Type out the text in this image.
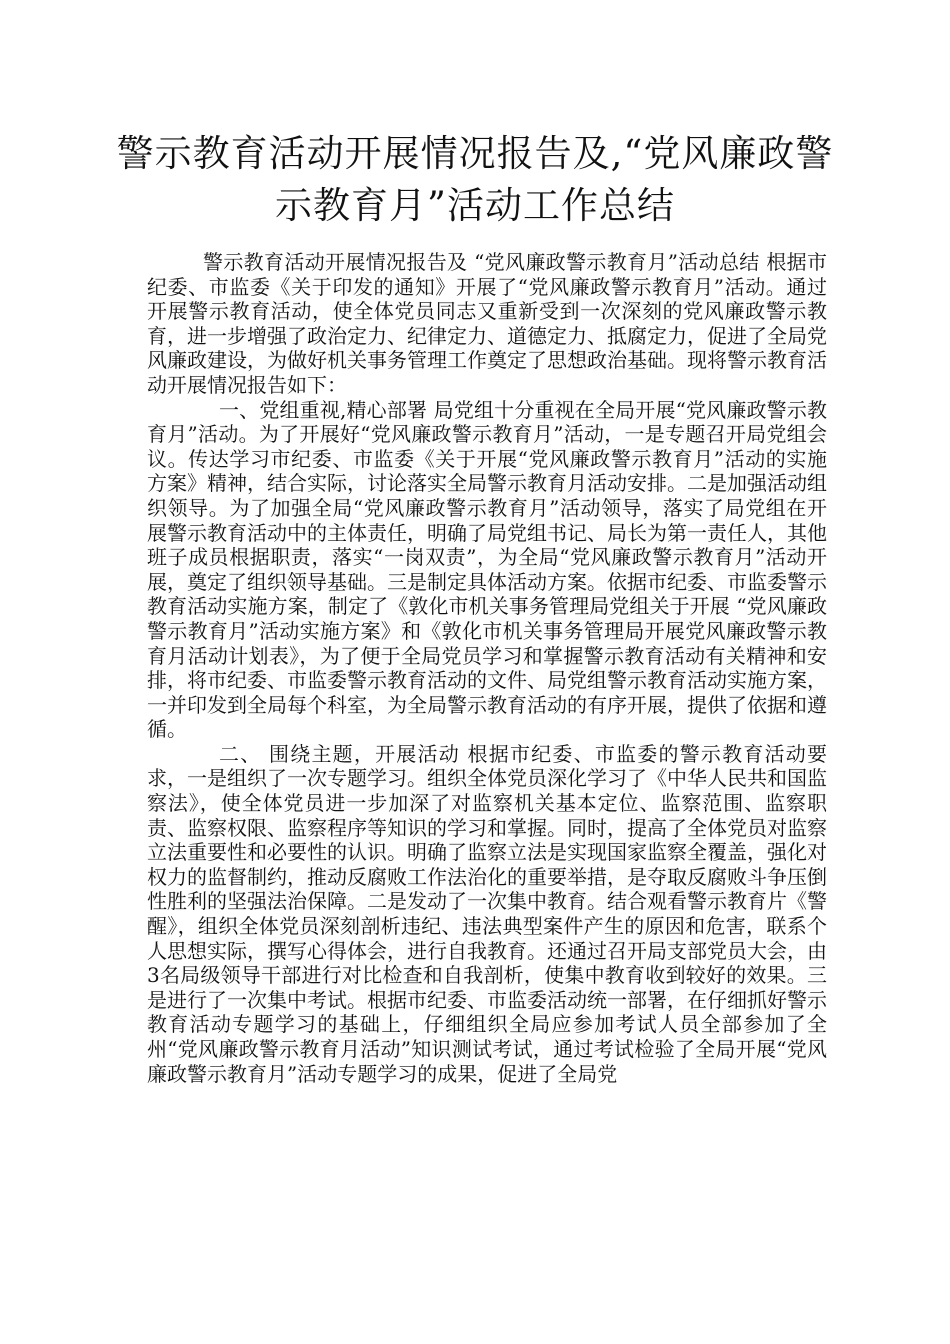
警示教育活动开展情况报告及,“党风廉政警示教育月”活动工作总结

警示教育活动开展情况报告及 “党风廉政警示教育月”活动总结 根据市纪委、市监委《关于印发的通知》开展了“党风廉政警示教育月”活动。通过开展警示教育活动，使全体党员同志又重新受到一次深刻的党风廉政警示教育，进一步增强了政治定力、纪律定力、道德定力、抵腐定力，促进了全局党风廉政建设，为做好机关事务管理工作奠定了思想政治基础。现将警示教育活动开展情况报告如下：

一、党组重视,精心部署 局党组十分重视在全局开展“党风廉政警示教育月”活动。为了开展好“党风廉政警示教育月”活动，一是专题召开局党组会议。传达学习市纪委、市监委《关于开展“党风廉政警示教育月”活动的实施方案》精神，结合实际，讨论落实全局警示教育月活动安排。二是加强活动组织领导。为了加强全局“党风廉政警示教育月”活动领导，落实了局党组在开展警示教育活动中的主体责任，明确了局党组书记、局长为第一责任人，其他班子成员根据职责，落实“一岗双责”，为全局“党风廉政警示教育月”活动开展，奠定了组织领导基础。三是制定具体活动方案。依据市纪委、市监委警示教育活动实施方案，制定了《敦化市机关事务管理局党组关于开展 “党风廉政警示教育月”活动实施方案》和《敦化市机关事务管理局开展党风廉政警示教育月活动计划表》，为了便于全局党员学习和掌握警示教育活动有关精神和安排，将市纪委、市监委警示教育活动的文件、局党组警示教育活动实施方案，一并印发到全局每个科室，为全局警示教育活动的有序开展，提供了依据和遵循。

二、 围绕主题，开展活动 根据市纪委、市监委的警示教育活动要求，一是组织了一次专题学习。组织全体党员深化学习了《中华人民共和国监察法》，使全体党员进一步加深了对监察机关基本定位、监察范围、监察职责、监察权限、监察程序等知识的学习和掌握。同时，提高了全体党员对监察立法重要性和必要性的认识。明确了监察立法是实现国家监察全覆盖，强化对权力的监督制约，推动反腐败工作法治化的重要举措，是夺取反腐败斗争压倒性胜利的坚强法治保障。二是发动了一次集中教育。结合观看警示教育片《警醒》，组织全体党员深刻剖析违纪、违法典型案件产生的原因和危害，联系个人思想实际，撰写心得体会，进行自我教育。还通过召开局支部党员大会，由3名局级领导干部进行对比检查和自我剖析，使集中教育收到较好的效果。三是进行了一次集中考试。根据市纪委、市监委活动统一部署，在仔细抓好警示教育活动专题学习的基础上，仔细组织全局应参加考试人员全部参加了全州“党风廉政警示教育月活动”知识测试考试，通过考试检验了全局开展“党风廉政警示教育月”活动专题学习的成果，促进了全局党
